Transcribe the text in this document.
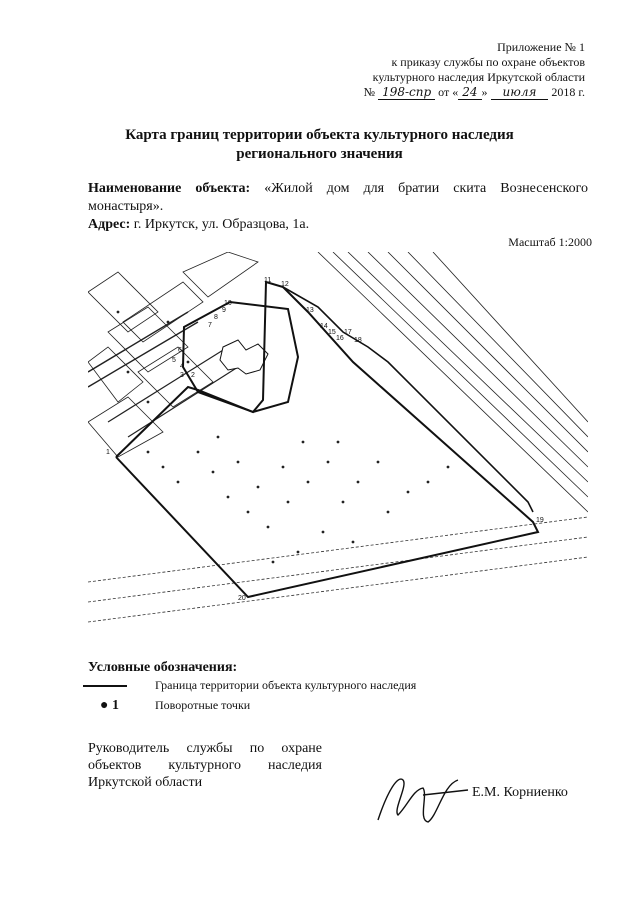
Приложение № 1
к приказу службы по охране объектов
культурного наследия Иркутской области
№ 198-спр от « 24 » июля 2018 г.
Карта границ территории объекта культурного наследия
регионального значения
Наименование объекта: «Жилой дом для братии скита Вознесенского монастыря».
Адрес: г. Иркутск, ул. Образцова, 1а.
Масштаб 1:2000
1
2
3
4
5
6
7
8
9
10
11
12
13
14
15
16
17
18
19
20
Условные обозначения:
Граница территории объекта культурного наследия
● 1	Поворотные точки
Руководитель службы по охране объектов культурного наследия Иркутской области
Е.М. Корниенко
